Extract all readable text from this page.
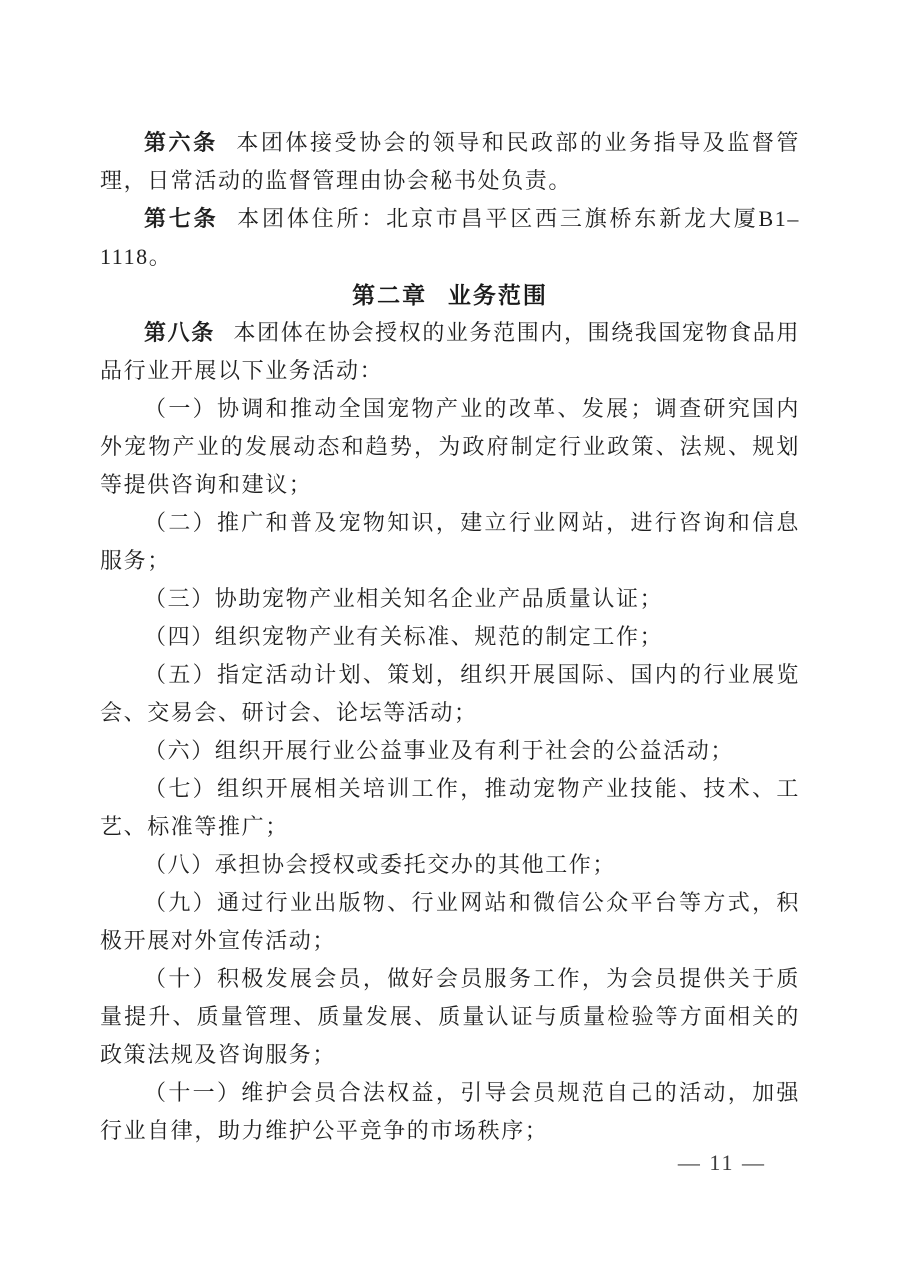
第六条 本团体接受协会的领导和民政部的业务指导及监督管理，日常活动的监督管理由协会秘书处负责。

第七条 本团体住所：北京市昌平区西三旗桥东新龙大厦B1–1118。

第二章 业务范围

第八条 本团体在协会授权的业务范围内，围绕我国宠物食品用品行业开展以下业务活动：

（一）协调和推动全国宠物产业的改革、发展；调查研究国内外宠物产业的发展动态和趋势，为政府制定行业政策、法规、规划等提供咨询和建议；

（二）推广和普及宠物知识，建立行业网站，进行咨询和信息服务；

（三）协助宠物产业相关知名企业产品质量认证；

（四）组织宠物产业有关标准、规范的制定工作；

（五）指定活动计划、策划，组织开展国际、国内的行业展览会、交易会、研讨会、论坛等活动；

（六）组织开展行业公益事业及有利于社会的公益活动；

（七）组织开展相关培训工作，推动宠物产业技能、技术、工艺、标准等推广；

（八）承担协会授权或委托交办的其他工作；

（九）通过行业出版物、行业网站和微信公众平台等方式，积极开展对外宣传活动；

（十）积极发展会员，做好会员服务工作，为会员提供关于质量提升、质量管理、质量发展、质量认证与质量检验等方面相关的政策法规及咨询服务；

（十一）维护会员合法权益，引导会员规范自己的活动，加强行业自律，助力维护公平竞争的市场秩序；

— 11 —
